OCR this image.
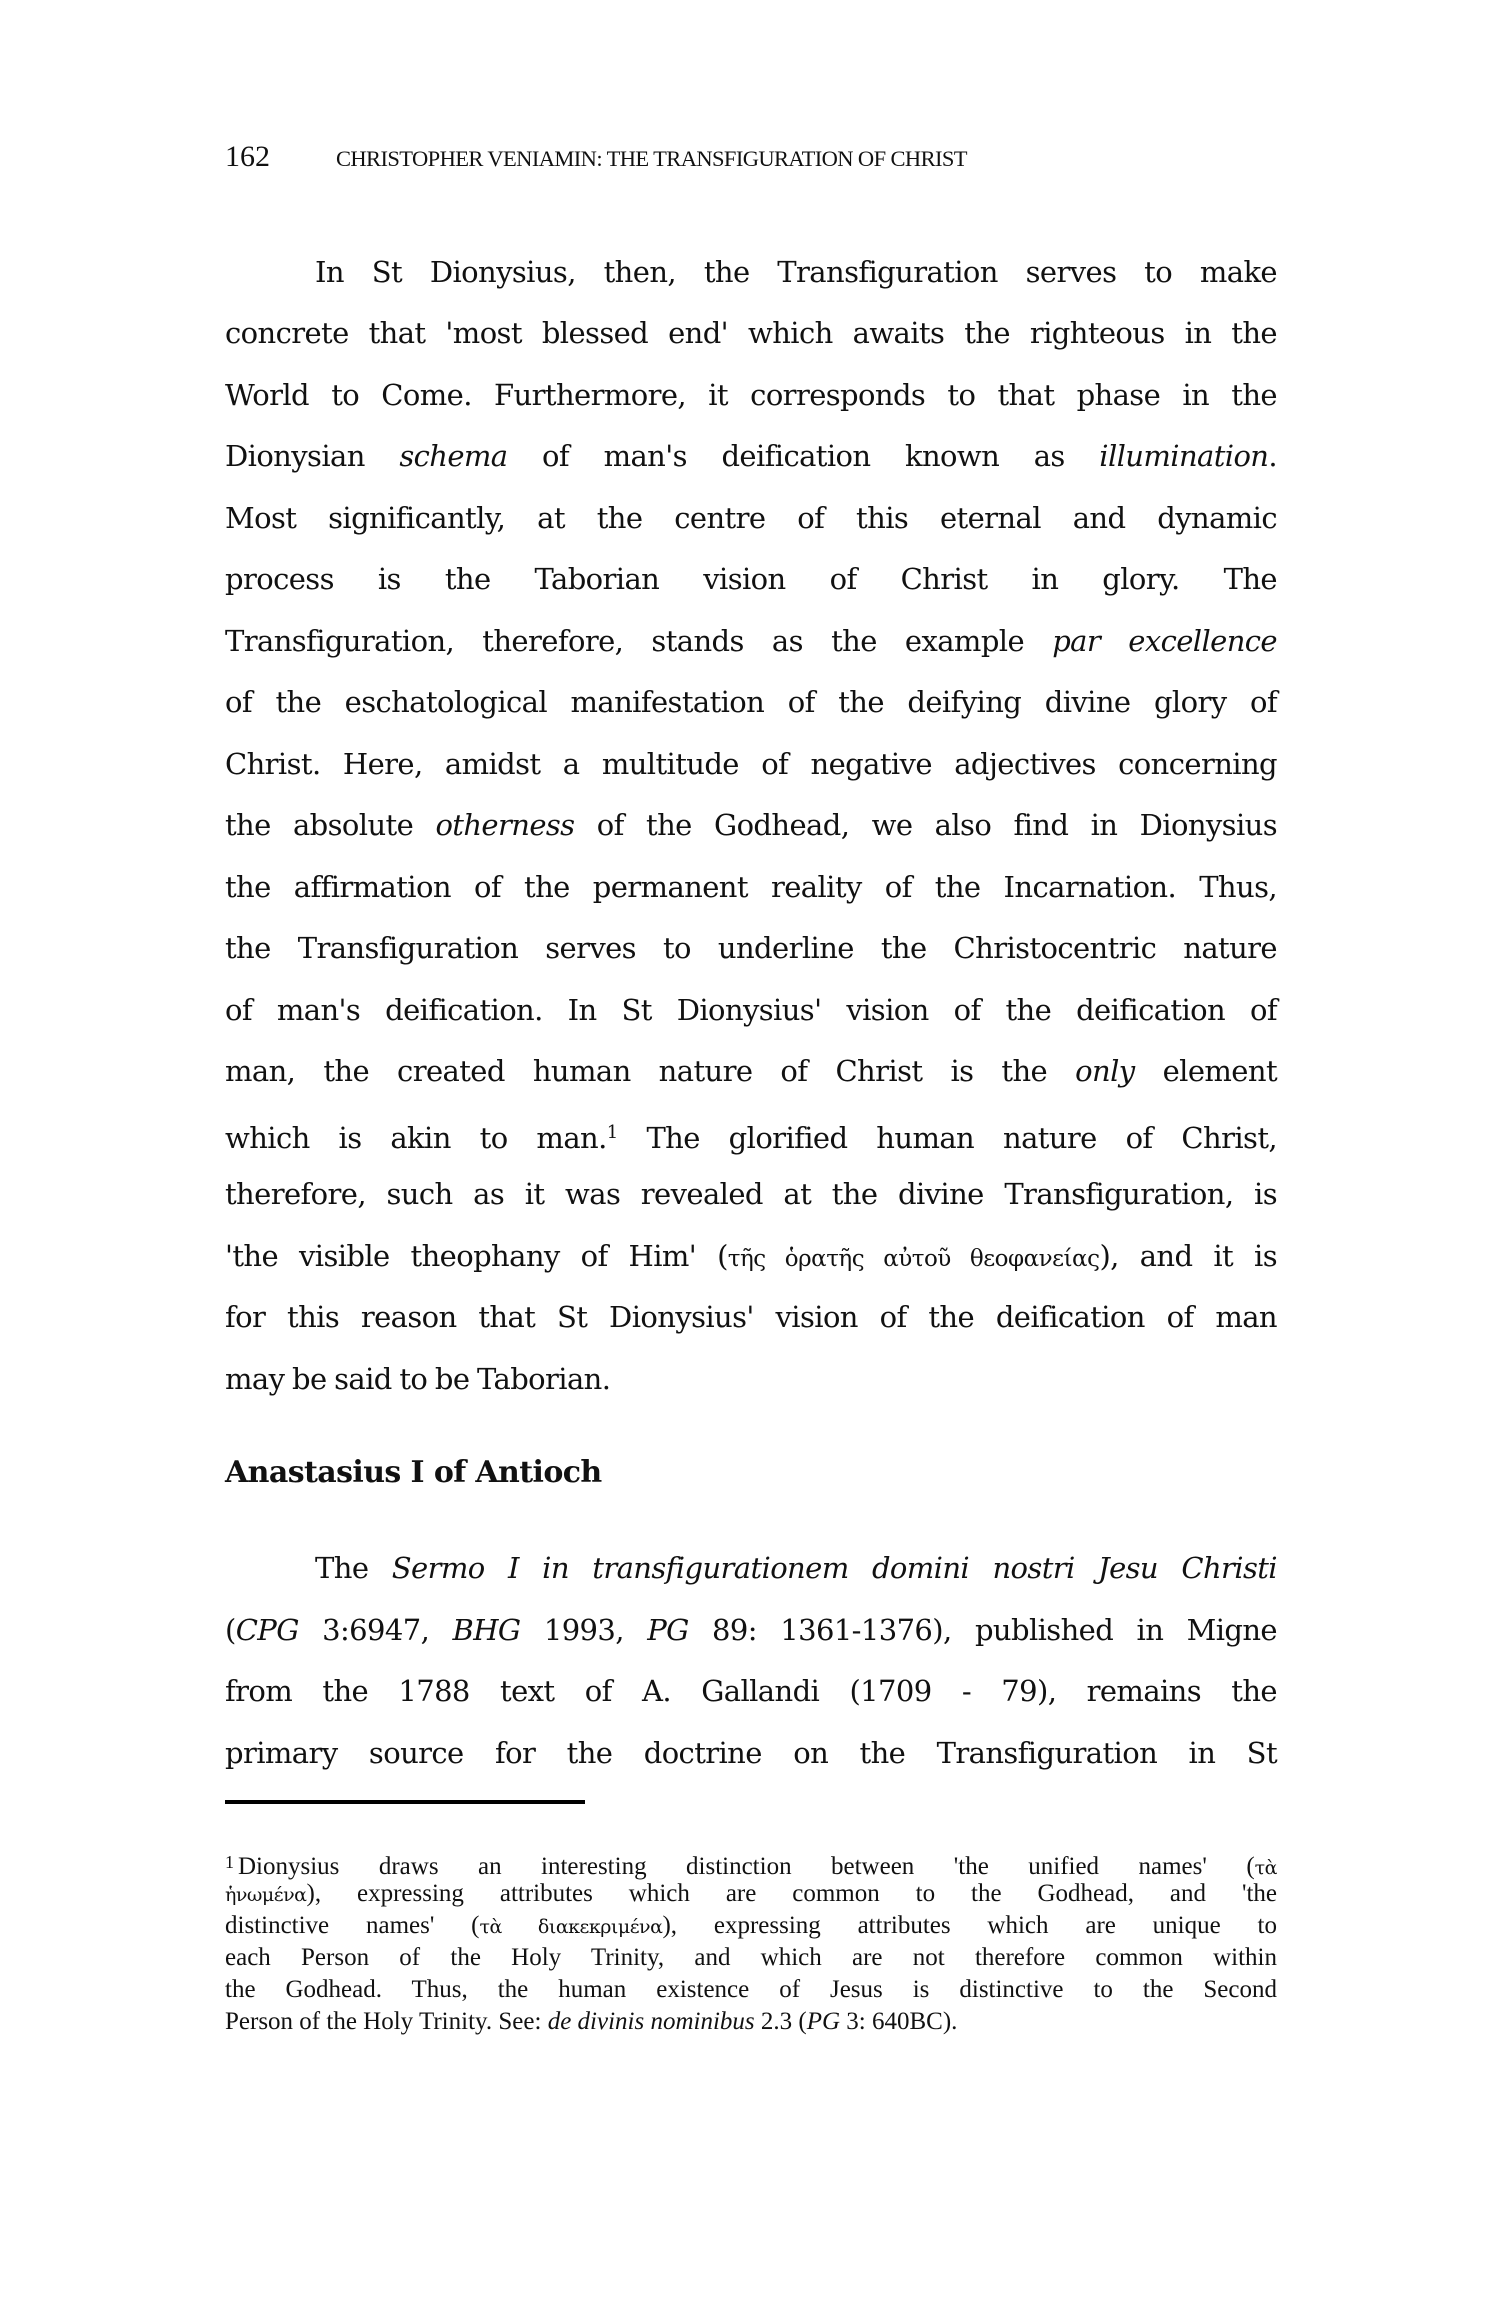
162	CHRISTOPHER VENIAMIN: THE TRANSFIGURATION OF CHRIST
In St Dionysius, then, the Transfiguration serves to make
concrete that 'most blessed end' which awaits the righteous in the
World to Come. Furthermore, it corresponds to that phase in the
Dionysian schema of man's deification known as illumination.
Most significantly, at the centre of this eternal and dynamic
process is the Taborian vision of Christ in glory. The
Transfiguration, therefore, stands as the example par excellence
of the eschatological manifestation of the deifying divine glory of
Christ. Here, amidst a multitude of negative adjectives concerning
the absolute otherness of the Godhead, we also find in Dionysius
the affirmation of the permanent reality of the Incarnation. Thus,
the Transfiguration serves to underline the Christocentric nature
of man's deification. In St Dionysius' vision of the deification of
man, the created human nature of Christ is the only element
which is akin to man.$^1$ The glorified human nature of Christ,
therefore, such as it was revealed at the divine Transfiguration, is
'the visible theophany of Him' (τῆς ὁρατῆς αὐτοῦ θεοφανείας), and it is
for this reason that St Dionysius' vision of the deification of man
may be said to be Taborian.
Anastasius I of Antioch
The Sermo I in transfigurationem domini nostri Jesu Christi
(CPG 3:6947, BHG 1993, PG 89: 1361-1376), published in Migne
from the 1788 text of A. Gallandi (1709 - 79), remains the
primary source for the doctrine on the Transfiguration in St
$^1$ Dionysius draws an interesting distinction between 'the unified names' (τὰ
ἡνωμένα), expressing attributes which are common to the Godhead, and 'the
distinctive names' (τὰ διακεκριμένα), expressing attributes which are unique to
each Person of the Holy Trinity, and which are not therefore common within
the Godhead. Thus, the human existence of Jesus is distinctive to the Second
Person of the Holy Trinity. See: de divinis nominibus 2.3 (PG 3: 640BC).
